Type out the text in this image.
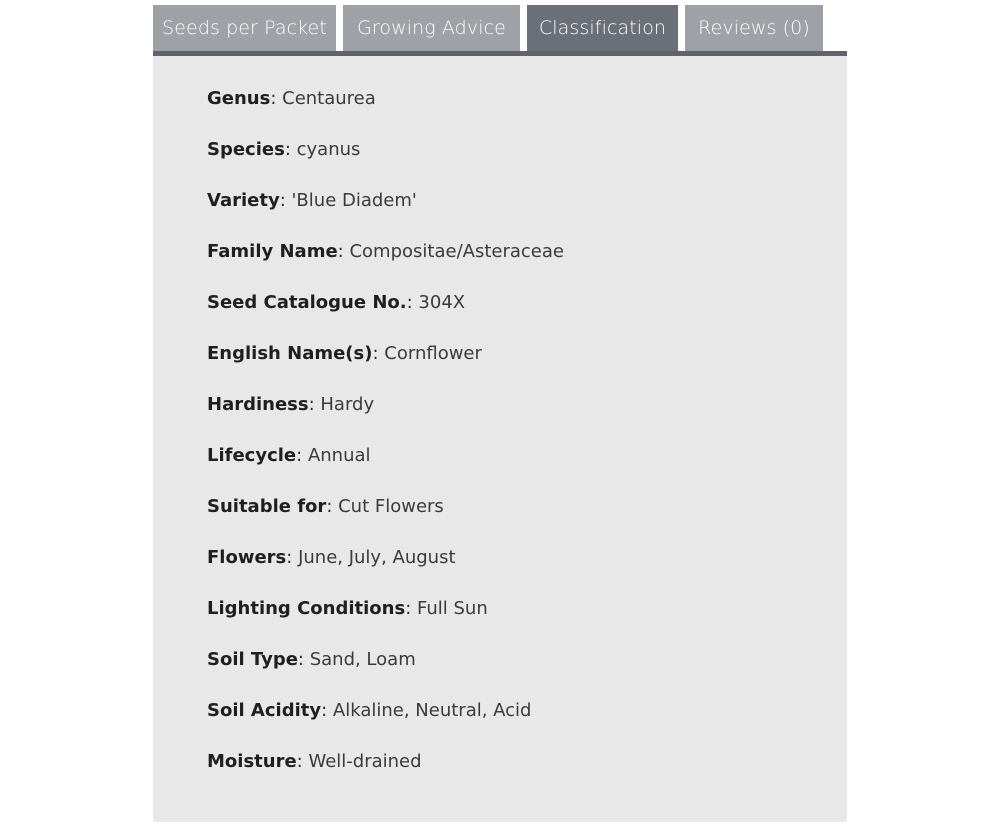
Seeds per Packet	Growing Advice	Classification	Reviews (0)
Genus: Centaurea
Species: cyanus
Variety: 'Blue Diadem'
Family Name: Compositae/Asteraceae
Seed Catalogue No.: 304X
English Name(s): Cornflower
Hardiness: Hardy
Lifecycle: Annual
Suitable for: Cut Flowers
Flowers: June, July, August
Lighting Conditions: Full Sun
Soil Type: Sand, Loam
Soil Acidity: Alkaline, Neutral, Acid
Moisture: Well-drained
